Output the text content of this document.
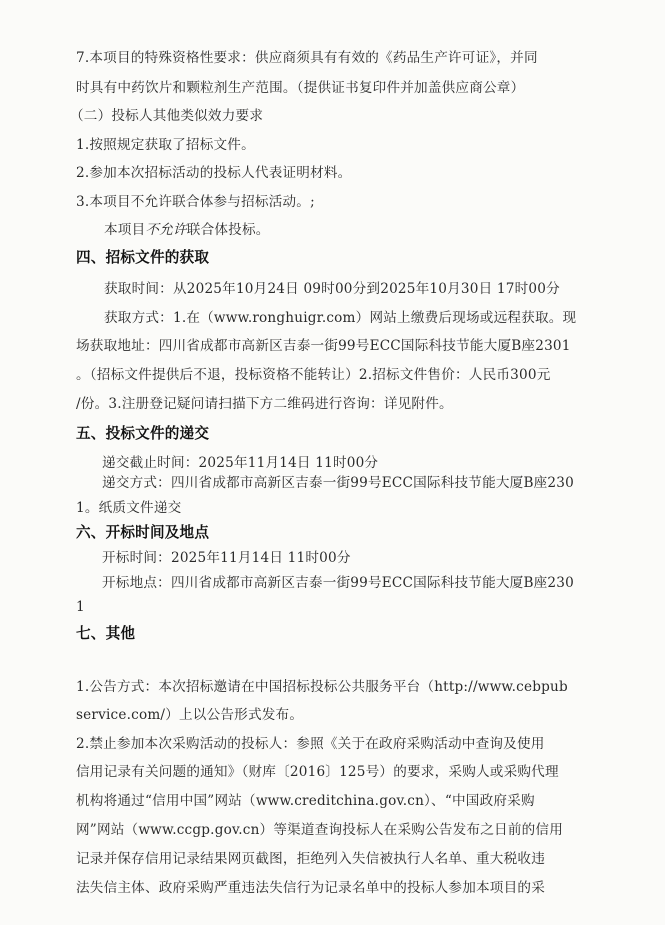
7.本项目的特殊资格性要求：供应商须具有有效的《药品生产许可证》，并同
时具有中药饮片和颗粒剂生产范围。（提供证书复印件并加盖供应商公章）
（二）投标人其他类似效力要求
1.按照规定获取了招标文件。
2.参加本次招标活动的投标人代表证明材料。
3.本项目不允许联合体参与招标活动。;
本项目不允许联合体投标。
四、招标文件的获取
获取时间：从2025年10月24日 09时00分到2025年10月30日 17时00分
获取方式：1.在（www.ronghuigr.com）网站上缴费后现场或远程获取。现
场获取地址：四川省成都市高新区吉泰一街99号ECC国际科技节能大厦B座2301
。（招标文件提供后不退，投标资格不能转让）2.招标文件售价：人民币300元
/份。3.注册登记疑问请扫描下方二维码进行咨询：详见附件。
五、投标文件的递交
递交截止时间：2025年11月14日 11时00分
递交方式：四川省成都市高新区吉泰一街99号ECC国际科技节能大厦B座230
1。纸质文件递交
六、开标时间及地点
开标时间：2025年11月14日 11时00分
开标地点：四川省成都市高新区吉泰一街99号ECC国际科技节能大厦B座230
1
七、其他
1.公告方式：本次招标邀请在中国招标投标公共服务平台（http://www.cebpub
service.com/）上以公告形式发布。
2.禁止参加本次采购活动的投标人：参照《关于在政府采购活动中查询及使用
信用记录有关问题的通知》（财库〔2016〕125号）的要求，采购人或采购代理
机构将通过“信用中国”网站（www.creditchina.gov.cn）、“中国政府采购
网”网站（www.ccgp.gov.cn）等渠道查询投标人在采购公告发布之日前的信用
记录并保存信用记录结果网页截图，拒绝列入失信被执行人名单、重大税收违
法失信主体、政府采购严重违法失信行为记录名单中的投标人参加本项目的采
